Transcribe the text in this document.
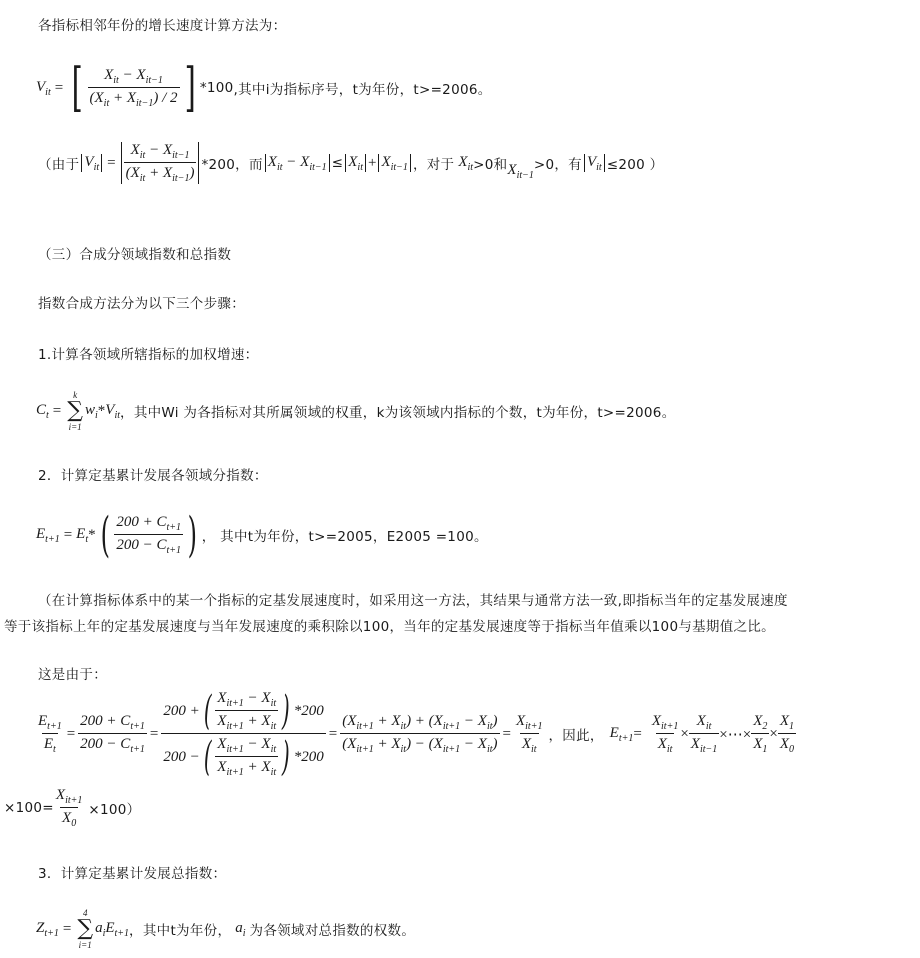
各指标相邻年份的增长速度计算方法为：
$V_{it}$ = [ $\frac{X_{it} - X_{it-1}}{(X_{it} + X_{it-1}) / 2}$ ] *100 ,其中i为指标序号，t为年份，t>=2006。
（由于 $V_{it} = \frac{X_{it} - X_{it-1}}{(X_{it} + X_{it-1})} *200$，而 $X_{it} - X_{it-1} \le X_{it} + X_{it-1}$ ，对于 $X_{it} >0$和 $X_{it-1}$
>0，有 $V_{it} \le 200$ ）
（三）合成分领域指数和总指数
指数合成方法分为以下三个步骤：
1.计算各领域所辖指标的加权增速：
$C_t$ =
k
∑
i=1
$w_i * V_{it}$ ，其中Wi 为各指标对其所属领域的权重，k为该领域内指标的个数，t为年份，t>=2006。
2．计算定基累计发展各领域分指数：
$E_{t+1} = E_t$ * ( $\frac{200 + C_{t+1}}{200 - C_{t+1}}$ ) ， 其中t为年份，t>=2005，E2005 =100。
（在计算指标体系中的某一个指标的定基发展速度时，如采用这一方法，其结果与通常方法一致,即指标当年的定基发展速度
等于该指标上年的定基发展速度与当年发展速度的乘积除以100，当年的定基发展速度等于指标当年值乘以100与基期值之比。
这是由于：
$\frac{E_{t+1}}{E_t} = \frac{200 + C_{t+1}}{200 - C_{t+1}} = \frac{200 + ( \frac{X_{it+1} - X_{it}}{X_{it+1} + X_{it}} ) *200}{200 - ( \frac{X_{it+1} - X_{it}}{X_{it+1} + X_{it}} ) *200} = \frac{(X_{it+1} + X_{it}) + (X_{it+1} - X_{it})}{(X_{it+1} + X_{it}) - (X_{it+1} - X_{it})} = \frac{X_{it+1}}{X_{it}}$ ，因此， $E_{t+1} = \frac{X_{it+1}}{X_{it}} \times \frac{X_{it}}{X_{it-1}}$ ×⋯× $\frac{X_2}{X_1} \times \frac{X_1}{X_0}$
$\times 100= \frac{X_{it+1}}{X_0} \times 100$）
3．计算定基累计发展总指数：
$Z_{t+1}$ =
4
∑
i=1
$a_iE_{t+1}$ ，其中t为年份， $a_i$ 为各领域对总指数的权数。
